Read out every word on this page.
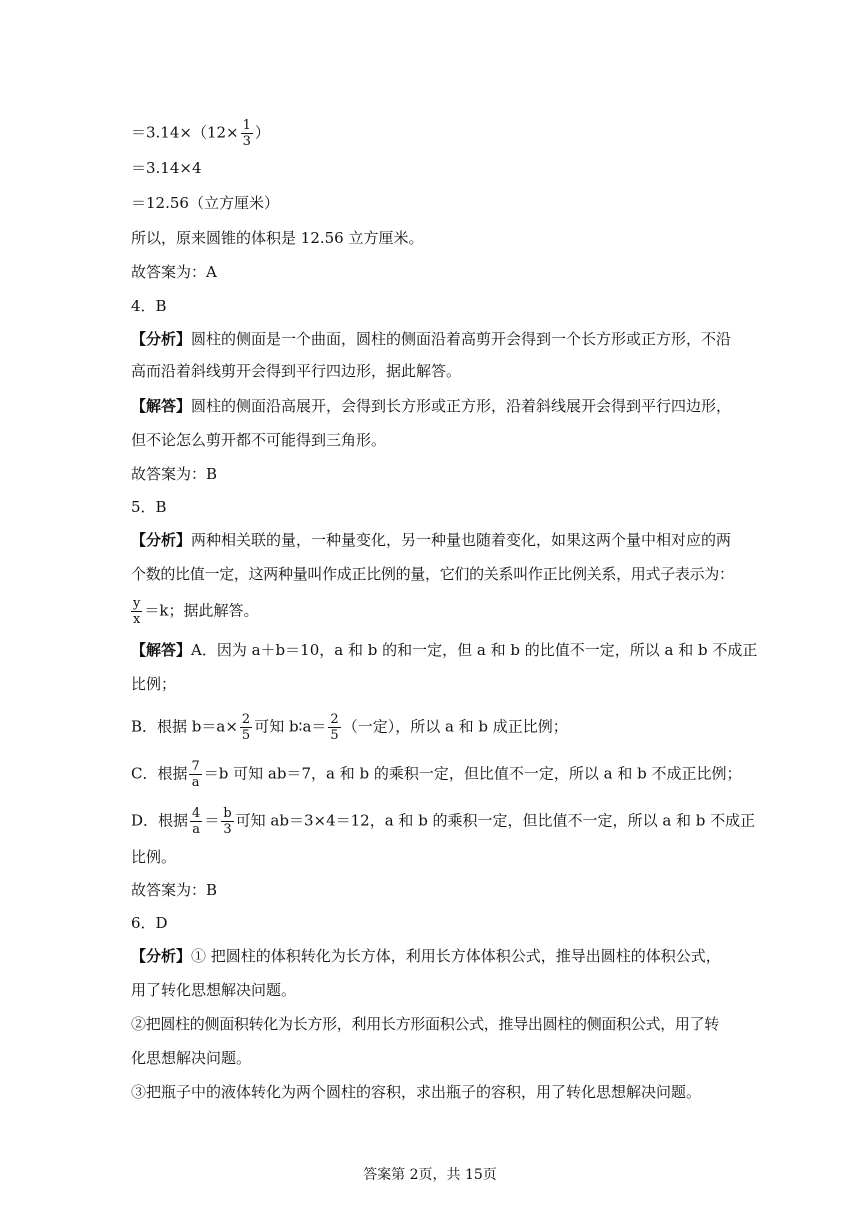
$=3.14\times(12\times \frac{1}{3}$ ）
＝3.14×4
＝12.56（立方厘米）
所以，原来圆锥的体积是 12.56 立方厘米。
故答案为：A
4．B
【分析】圆柱的侧面是一个曲面，圆柱的侧面沿着高剪开会得到一个长方形或正方形，不沿
高而沿着斜线剪开会得到平行四边形，据此解答。
【解答】圆柱的侧面沿高展开，会得到长方形或正方形，沿着斜线展开会得到平行四边形，
但不论怎么剪开都不可能得到三角形。
故答案为：B
5．B
【分析】两种相关联的量，一种量变化，另一种量也随着变化，如果这两个量中相对应的两
个数的比值一定，这两种量叫作成正比例的量，它们的关系叫作正比例关系，用式子表示为：
$\frac{y}{x} =k$；据此解答。
【解答】A．因为 a＋b＝10，a 和 b 的和一定，但 a 和 b 的比值不一定，所以 a 和 b 不成正
比例；
B．根据 $b=a\times \frac{2}{5}$ 可知 b∶a＝ $\frac{2}{5}$ （一定），所以 a 和 b 成正比例；
C．根据 $\frac{7}{a} =b$ 可知 ab＝7，a 和 b 的乘积一定，但比值不一定，所以 a 和 b 不成正比例；
D．根据 $\frac{4}{a} = \frac{b}{3}$ 可知 ab＝3×4＝12，a 和 b 的乘积一定，但比值不一定，所以 a 和 b 不成正
比例。
故答案为：B
6．D
【分析】① 把圆柱的体积转化为长方体，利用长方体体积公式，推导出圆柱的体积公式，
用了转化思想解决问题。
②把圆柱的侧面积转化为长方形，利用长方形面积公式，推导出圆柱的侧面积公式，用了转
化思想解决问题。
③把瓶子中的液体转化为两个圆柱的容积，求出瓶子的容积，用了转化思想解决问题。
答案第 2页，共 15页
